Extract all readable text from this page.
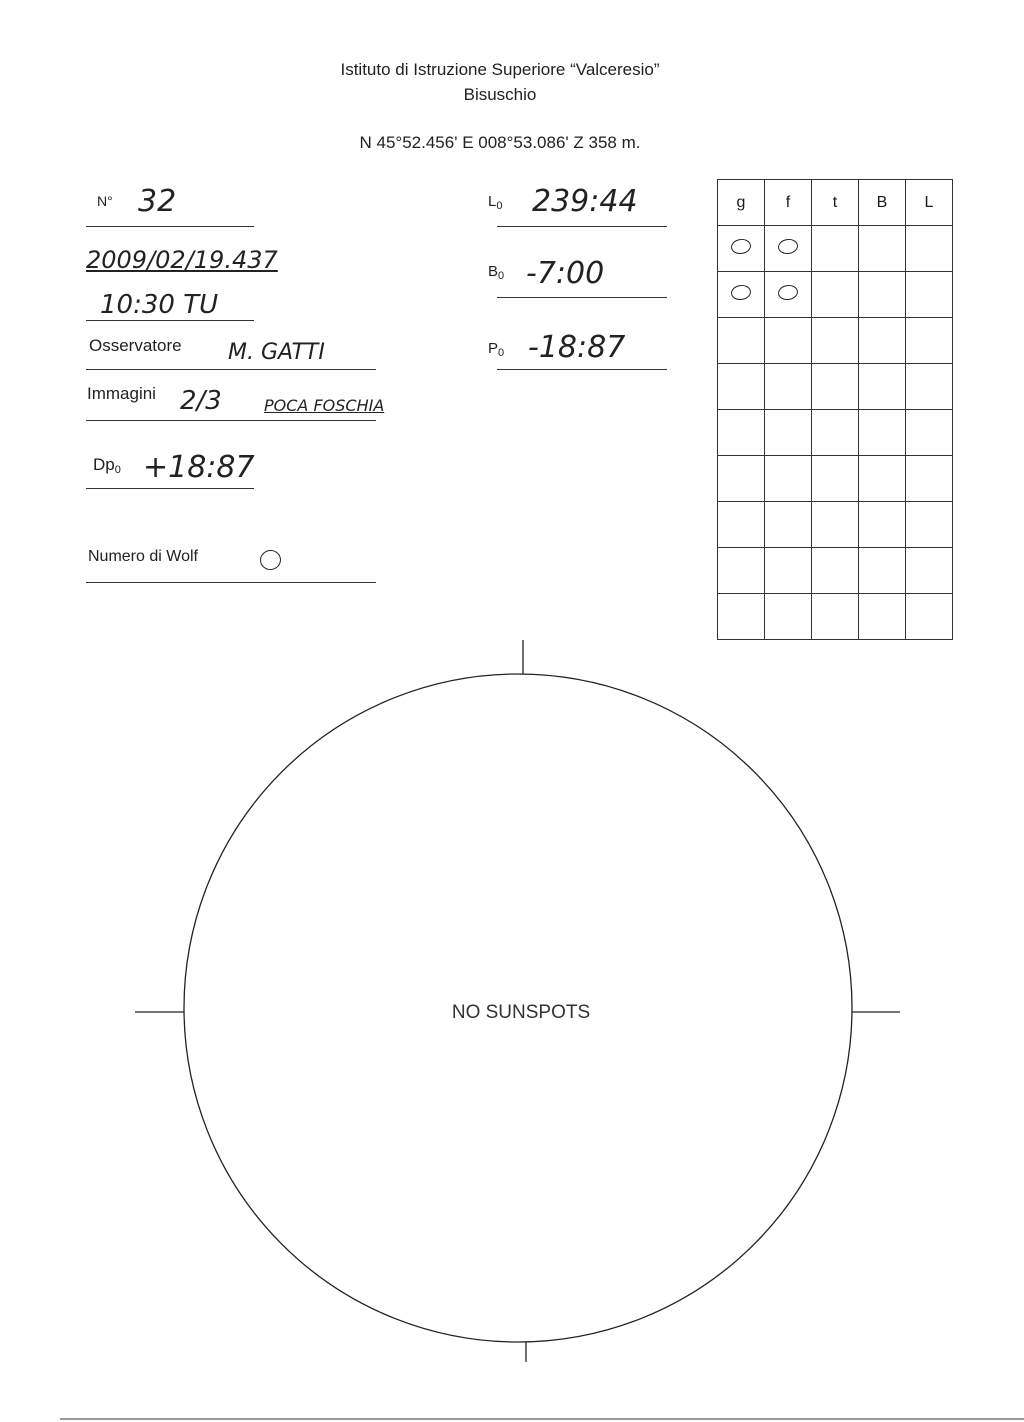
Istituto di Istruzione Superiore “Valceresio”
Bisuschio
N 45°52.456' E 008°53.086' Z 358 m.
N° 32
2009/02/19.437
10:30 TU
Osservatore M. GATTI
Immagini 2/3	POCA FOSCHIA
$Dp_0$ +18:87
Numero di Wolf
$L_0$ 239:44
$B_0$ -7:00
$P_0$ -18:87
g	f	t	B	L

NO SUNSPOTS
